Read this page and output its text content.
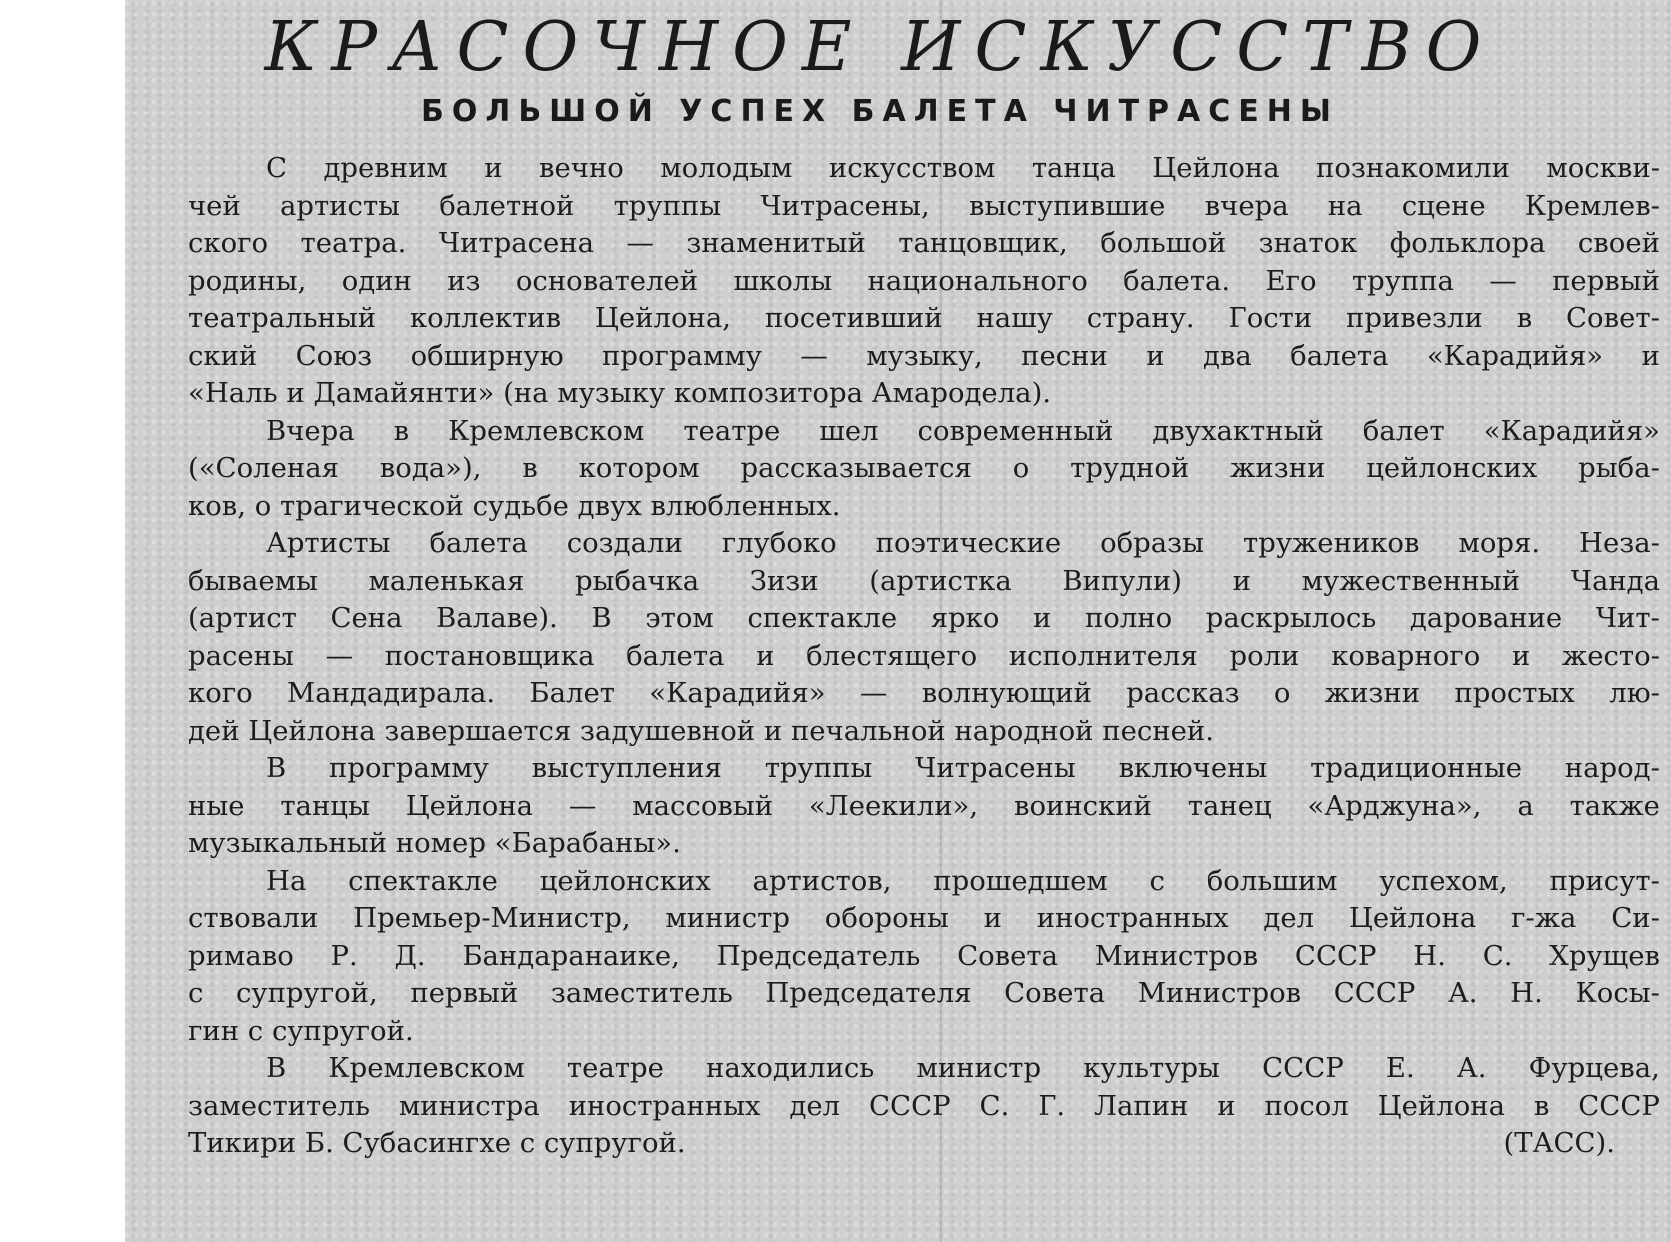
КРАСОЧНОЕ ИСКУССТВО
БОЛЬШОЙ УСПЕХ БАЛЕТА ЧИТРАСЕНЫ
С древним и вечно молодым искусством танца Цейлона познакомили москви-
чей артисты балетной труппы Читрасены, выступившие вчера на сцене Кремлев-
ского театра. Читрасена — знаменитый танцовщик, большой знаток фольклора своей
родины, один из основателей школы национального балета. Его труппа — первый
театральный коллектив Цейлона, посетивший нашу страну. Гости привезли в Совет-
ский Союз обширную программу — музыку, песни и два балета «Карадийя» и
«Наль и Дамайянти» (на музыку композитора Амародела).
Вчера в Кремлевском театре шел современный двухактный балет «Карадийя»
(«Соленая вода»), в котором рассказывается о трудной жизни цейлонских рыба-
ков, о трагической судьбе двух влюбленных.
Артисты балета создали глубоко поэтические образы тружеников моря. Неза-
бываемы маленькая рыбачка Зизи (артистка Випули) и мужественный Чанда
(артист Сена Валаве). В этом спектакле ярко и полно раскрылось дарование Чит-
расены — постановщика балета и блестящего исполнителя роли коварного и жесто-
кого Мандадирала. Балет «Карадийя» — волнующий рассказ о жизни простых лю-
дей Цейлона завершается задушевной и печальной народной песней.
В программу выступления труппы Читрасены включены традиционные народ-
ные танцы Цейлона — массовый «Леекили», воинский танец «Арджуна», а также
музыкальный номер «Барабаны».
На спектакле цейлонских артистов, прошедшем с большим успехом, присут-
ствовали Премьер-Министр, министр обороны и иностранных дел Цейлона г-жа Си-
римаво Р. Д. Бандаранаике, Председатель Совета Министров СССР Н. С. Хрущев
с супругой, первый заместитель Председателя Совета Министров СССР А. Н. Косы-
гин с супругой.
В Кремлевском театре находились министр культуры СССР Е. А. Фурцева,
заместитель министра иностранных дел СССР С. Г. Лапин и посол Цейлона в СССР
Тикири Б. Субасингхе с супругой.	(ТАСС).
